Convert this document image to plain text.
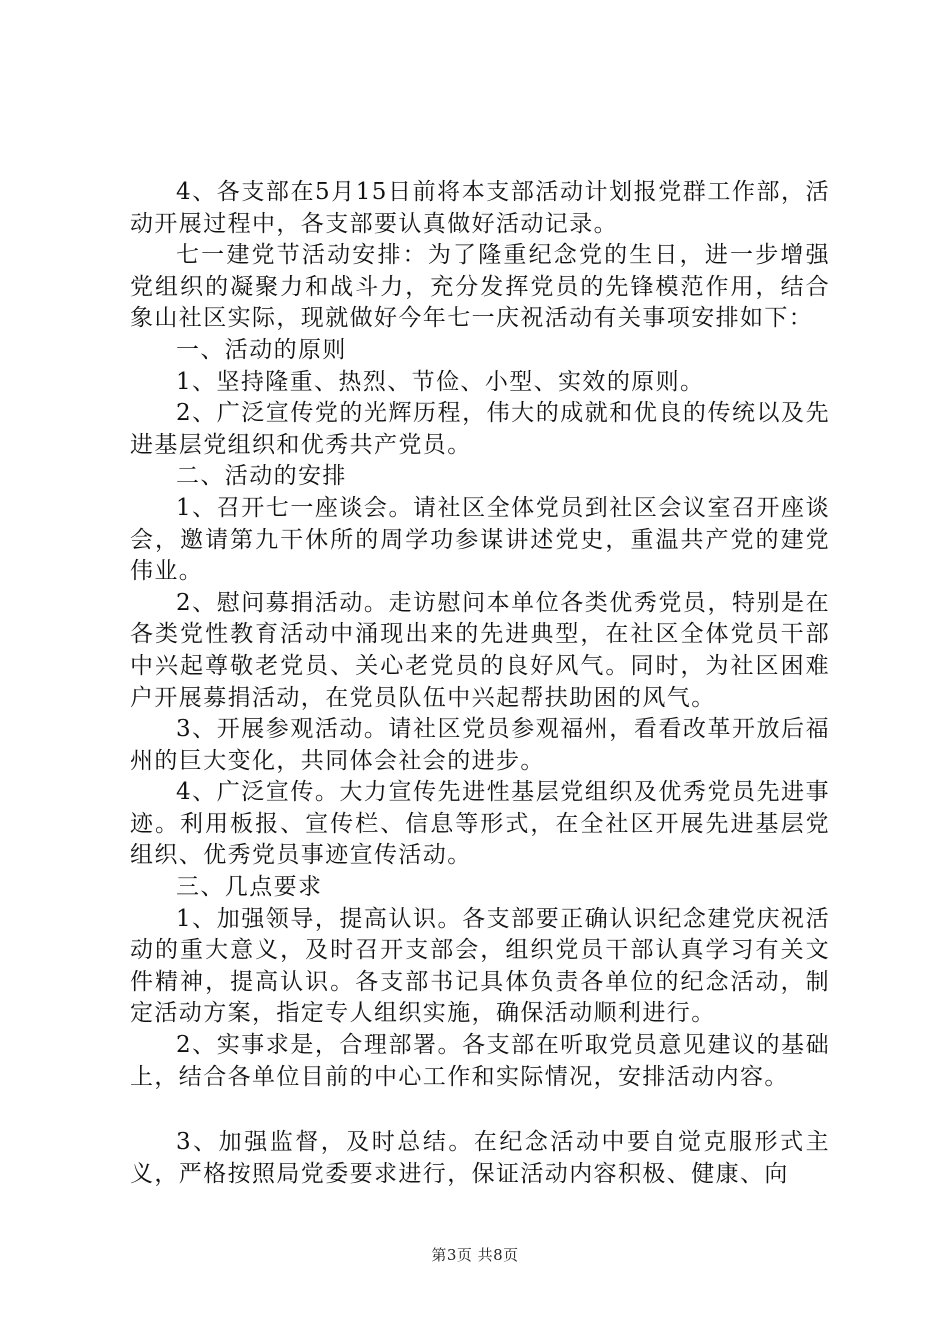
4、各支部在5月15日前将本支部活动计划报党群工作部，活动开展过程中，各支部要认真做好活动记录。

七一建党节活动安排：为了隆重纪念党的生日，进一步增强党组织的凝聚力和战斗力，充分发挥党员的先锋模范作用，结合象山社区实际，现就做好今年七一庆祝活动有关事项安排如下：

一、活动的原则

1、坚持隆重、热烈、节俭、小型、实效的原则。

2、广泛宣传党的光辉历程，伟大的成就和优良的传统以及先进基层党组织和优秀共产党员。

二、活动的安排

1、召开七一座谈会。请社区全体党员到社区会议室召开座谈会，邀请第九干休所的周学功参谋讲述党史，重温共产党的建党伟业。

2、慰问募捐活动。走访慰问本单位各类优秀党员，特别是在各类党性教育活动中涌现出来的先进典型，在社区全体党员干部中兴起尊敬老党员、关心老党员的良好风气。同时，为社区困难户开展募捐活动，在党员队伍中兴起帮扶助困的风气。

3、开展参观活动。请社区党员参观福州，看看改革开放后福州的巨大变化，共同体会社会的进步。

4、广泛宣传。大力宣传先进性基层党组织及优秀党员先进事迹。利用板报、宣传栏、信息等形式，在全社区开展先进基层党组织、优秀党员事迹宣传活动。

三、几点要求

1、加强领导，提高认识。各支部要正确认识纪念建党庆祝活动的重大意义，及时召开支部会，组织党员干部认真学习有关文件精神，提高认识。各支部书记具体负责各单位的纪念活动，制定活动方案，指定专人组织实施，确保活动顺利进行。

2、实事求是，合理部署。各支部在听取党员意见建议的基础上，结合各单位目前的中心工作和实际情况，安排活动内容。

3、加强监督，及时总结。在纪念活动中要自觉克服形式主义，严格按照局党委要求进行，保证活动内容积极、健康、向

第3页 共8页
